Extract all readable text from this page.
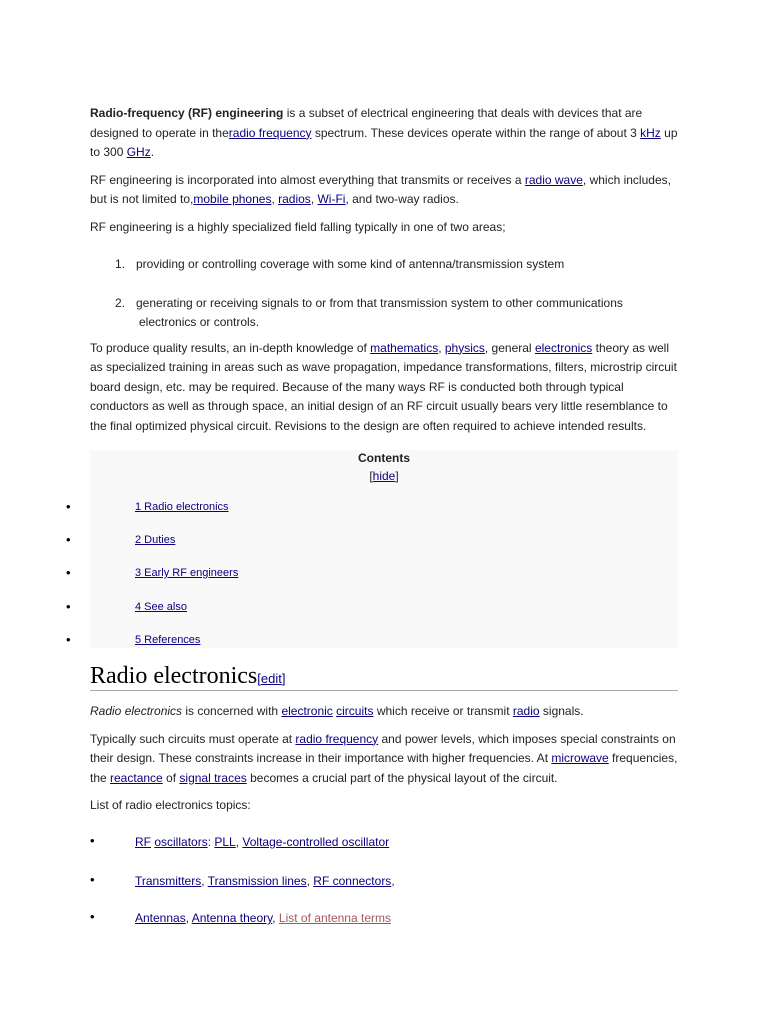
Radio-frequency (RF) engineering is a subset of electrical engineering that deals with devices that are designed to operate in theradio frequency spectrum. These devices operate within the range of about 3 kHz up to 300 GHz.

RF engineering is incorporated into almost everything that transmits or receives a radio wave, which includes, but is not limited to,mobile phones, radios, Wi-Fi, and two-way radios.

RF engineering is a highly specialized field falling typically in one of two areas;

1. providing or controlling coverage with some kind of antenna/transmission system
2. generating or receiving signals to or from that transmission system to other communications
electronics or controls.

To produce quality results, an in-depth knowledge of mathematics, physics, general electronics theory as well as specialized training in areas such as wave propagation, impedance transformations, filters, microstrip circuit board design, etc. may be required. Because of the many ways RF is conducted both through typical conductors as well as through space, an initial design of an RF circuit usually bears very little resemblance to the final optimized physical circuit. Revisions to the design are often required to achieve intended results.

Contents
[hide]
1 Radio electronics
2 Duties
3 Early RF engineers
4 See also
5 References
•
•
•
•
•
Radio electronics[edit]

Radio electronics is concerned with electronic circuits which receive or transmit radio signals.

Typically such circuits must operate at radio frequency and power levels, which imposes special constraints on their design. These constraints increase in their importance with higher frequencies. At microwave frequencies, the reactance of signal traces becomes a crucial part of the physical layout of the circuit.

List of radio electronics topics:

•	RF oscillators: PLL, Voltage-controlled oscillator
•	Transmitters, Transmission lines, RF connectors,
•	Antennas, Antenna theory, List of antenna terms
